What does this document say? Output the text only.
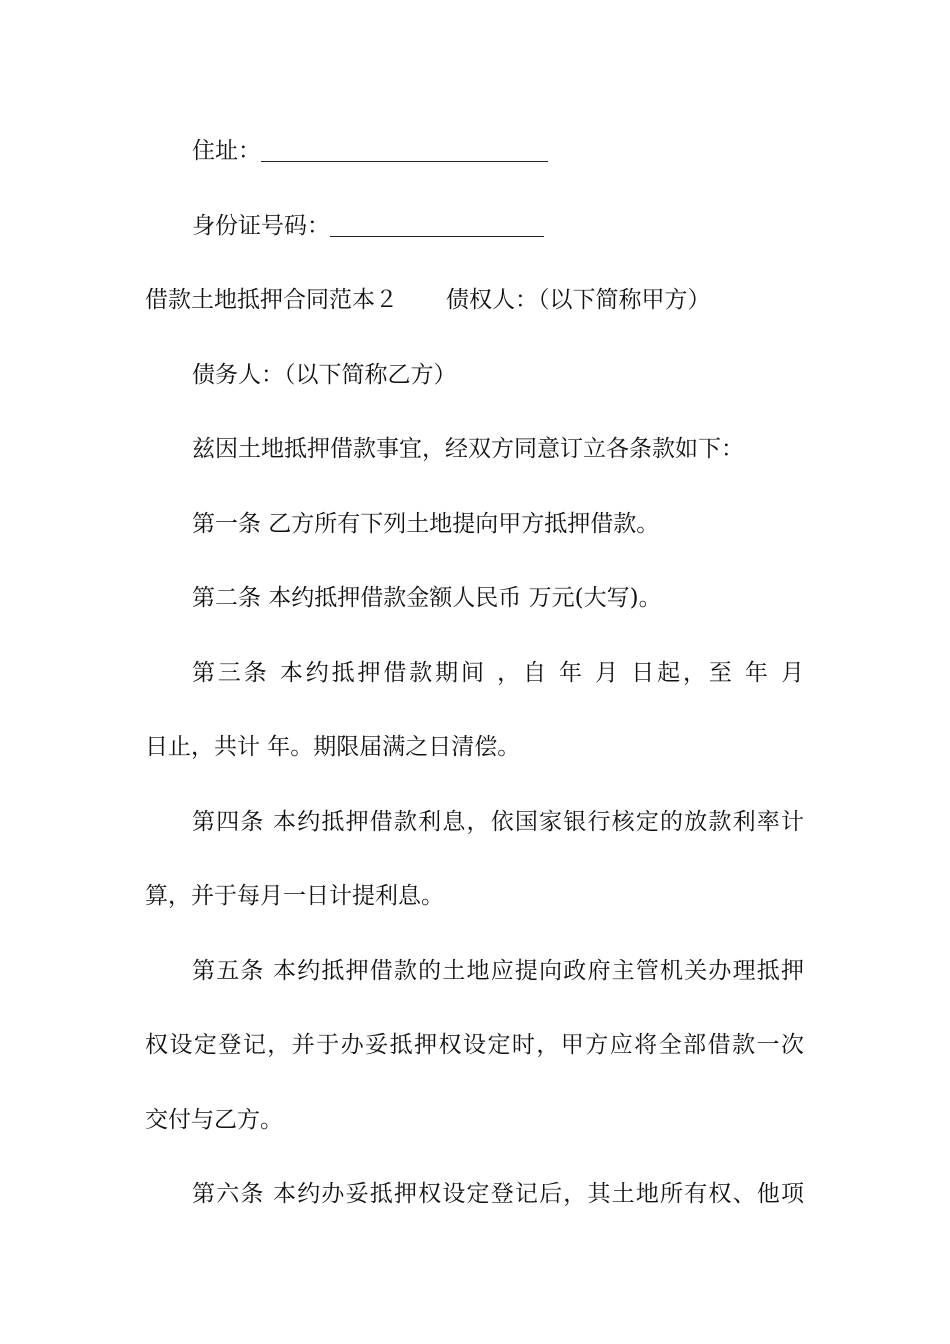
住址：
身份证号码：
借款土地抵押合同范本２ 债权人：（以下简称甲方）
债务人：（以下简称乙方）
兹因土地抵押借款事宜，经双方同意订立各条款如下：
第一条 乙方所有下列土地提向甲方抵押借款。
第二条 本约抵押借款金额人民币 万元(大写)。
第三条 本约抵押借款期间 ，自 年 月 日起，至 年 月
日止，共计 年。期限届满之日清偿。
第四条 本约抵押借款利息，依国家银行核定的放款利率计
算，并于每月一日计提利息。
第五条 本约抵押借款的土地应提向政府主管机关办理抵押
权设定登记，并于办妥抵押权设定时，甲方应将全部借款一次
交付与乙方。
第六条 本约办妥抵押权设定登记后，其土地所有权、他项
